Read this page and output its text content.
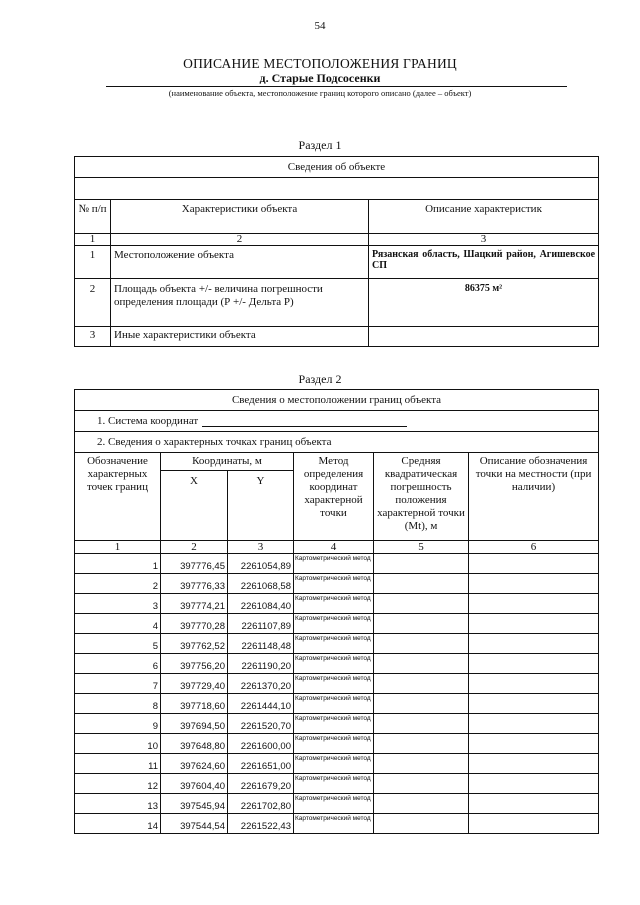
54
ОПИСАНИЕ МЕСТОПОЛОЖЕНИЯ ГРАНИЦ
д. Старые Подсосенки
(наименование объекта, местоположение границ которого описано (далее – объект)
Раздел 1
Сведения об объекте		

№ п/п	Характеристики объекта	Описание характеристик
1	2	3
1	Местоположение объекта	Рязанская область, Шацкий район, Агишевское СП
2	Площадь объекта +/- величина погрешности определения площади (Р +/- Дельта Р)	86375 м²
3	Иные характеристики объекта	
Раздел 2
Сведения о местоположении границ объекта					
1. Система координат					
2. Сведения о характерных точках границ объекта					
Обозначение характерных точек границ	Координаты, м		Метод определения координат характерной точки	Средняя квадратическая погрешность положения характерной точки (Мt), м	Описание обозначения точки на местности (при наличии)
	X	Y			
1	2	3	4	5	6
1	397776,45	2261054,89	Картометрический метод		
2	397776,33	2261068,58	Картометрический метод		
3	397774,21	2261084,40	Картометрический метод		
4	397770,28	2261107,89	Картометрический метод		
5	397762,52	2261148,48	Картометрический метод		
6	397756,20	2261190,20	Картометрический метод		
7	397729,40	2261370,20	Картометрический метод		
8	397718,60	2261444,10	Картометрический метод		
9	397694,50	2261520,70	Картометрический метод		
10	397648,80	2261600,00	Картометрический метод		
11	397624,60	2261651,00	Картометрический метод		
12	397604,40	2261679,20	Картометрический метод		
13	397545,94	2261702,80	Картометрический метод		
14	397544,54	2261522,43	Картометрический метод		
